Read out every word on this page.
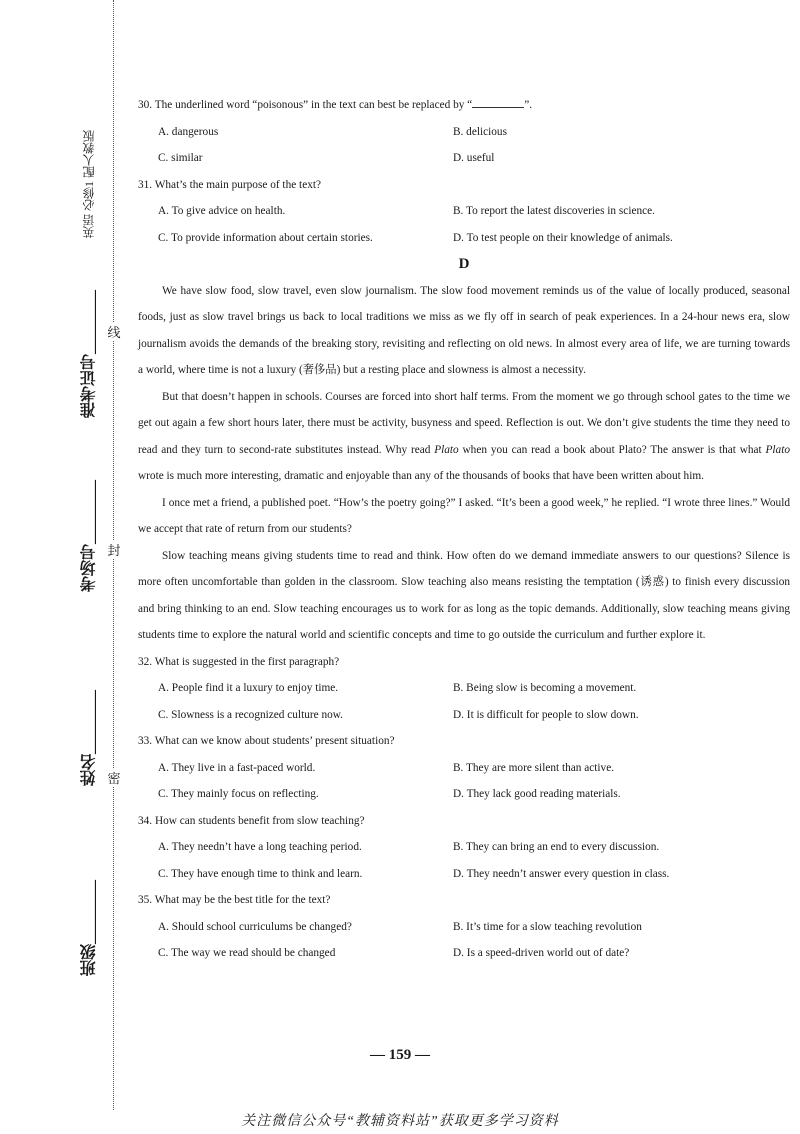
英语 必修1 配人教版
班级________
姓名________
考场号________
准考证号________
密
封
线

30. The underlined word “poisonous” in the text can best be replaced by “	”.

A. dangerous	B. delicious
C. similar	D. useful

31. What’s the main purpose of the text?

A. To give advice on health.	B. To report the latest discoveries in science.
C. To provide information about certain stories.	D. To test people on their knowledge of animals.

D

We have slow food, slow travel, even slow journalism. The slow food movement reminds us of the value of locally produced, seasonal foods, just as slow travel brings us back to local traditions we miss as we fly off in search of peak experiences. In a 24-hour news era, slow journalism avoids the demands of the breaking story, revisiting and reflecting on old news. In almost every area of life, we are turning towards a world, where time is not a luxury (奢侈品) but a resting place and slowness is almost a necessity.

But that doesn’t happen in schools. Courses are forced into short half terms. From the moment we go through school gates to the time we get out again a few short hours later, there must be activity, busyness and speed. Reflection is out. We don’t give students the time they need to read and they turn to second-rate substitutes instead. Why read Plato when you can read a book about Plato? The answer is that what Plato wrote is much more interesting, dramatic and enjoyable than any of the thousands of books that have been written about him.

I once met a friend, a published poet. “How’s the poetry going?” I asked. “It’s been a good week,” he replied. “I wrote three lines.” Would we accept that rate of return from our students?

Slow teaching means giving students time to read and think. How often do we demand immediate answers to our questions? Silence is more often uncomfortable than golden in the classroom. Slow teaching also means resisting the temptation (诱惑) to finish every discussion and bring thinking to an end. Slow teaching encourages us to work for as long as the topic demands. Additionally, slow teaching means giving students time to explore the natural world and scientific concepts and time to go outside the curriculum and further explore it.

32. What is suggested in the first paragraph?

A. People find it a luxury to enjoy time.	B. Being slow is becoming a movement.
C. Slowness is a recognized culture now.	D. It is difficult for people to slow down.

33. What can we know about students’ present situation?

A. They live in a fast-paced world.	B. They are more silent than active.
C. They mainly focus on reflecting.	D. They lack good reading materials.

34. How can students benefit from slow teaching?

A. They needn’t have a long teaching period.	B. They can bring an end to every discussion.
C. They have enough time to think and learn.	D. They needn’t answer every question in class.

35. What may be the best title for the text?

A. Should school curriculums be changed?	B. It’s time for a slow teaching revolution
C. The way we read should be changed	D. Is a speed-driven world out of date?
— 159 —
关注微信公众号“教辅资料站”获取更多学习资料
